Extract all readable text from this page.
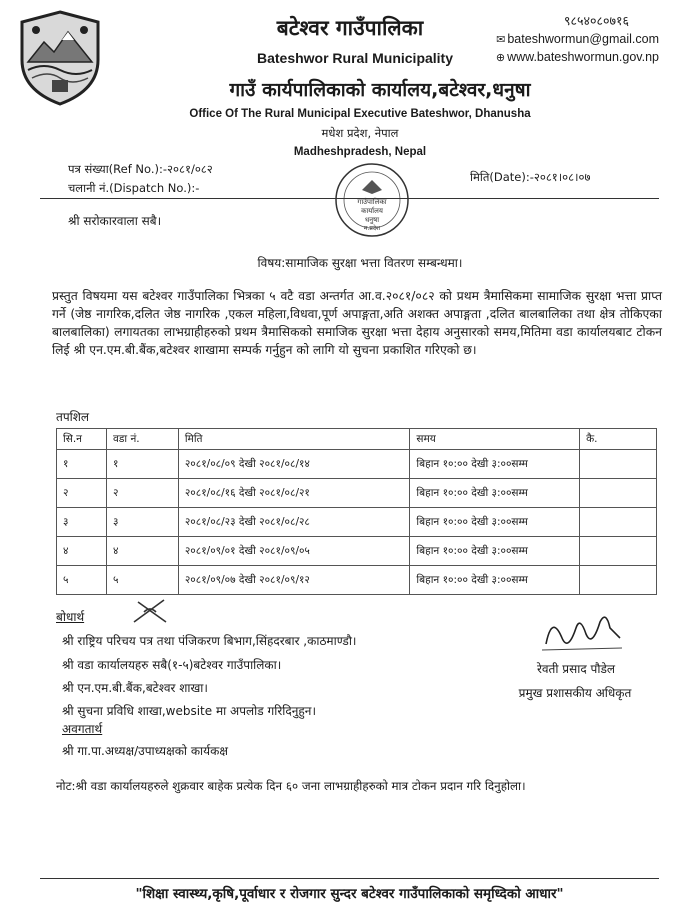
बटेश्वर गाउँपालिका
Bateshwor Rural Municipality
गाउँ कार्यपालिकाको कार्यालय,बटेश्वर,धनुषा
Office Of The Rural Municipal Executive Bateshwor, Dhanusha
मधेश प्रदेश, नेपाल
Madheshpradesh, Nepal
९८५४०८०७१६
✉ bateshwormun@gmail.com
⊕ www.bateshwormun.gov.np
पत्र संख्या(Ref No.):-२०८१/०८२
चलानी नं.(Dispatch No.):-
मिति(Date):-२०८१।०८।०७
गाउँपालिका
कार्यालय
धनुषा
म.प्रदेश
श्री सरोकारवाला सबै।
विषय:सामाजिक सुरक्षा भत्ता वितरण सम्बन्धमा।
प्रस्तुत विषयमा यस बटेश्वर गाउँपालिका भित्रका ५ वटै वडा अन्तर्गत आ.व.२०८१/०८२ को प्रथम त्रैमासिकमा सामाजिक सुरक्षा भत्ता प्राप्त गर्ने (जेष्ठ नागरिक,दलित जेष्ठ नागरिक ,एकल महिला,विधवा,पूर्ण अपाङ्गता,अति अशक्त अपाङ्गता ,दलित बालबालिका तथा क्षेत्र तोकिएका बालबालिका) लगायतका लाभग्राहीहरुको प्रथम त्रैमासिकको समाजिक सुरक्षा भत्ता देहाय अनुसारको समय,मितिमा वडा कार्यालयबाट टोकन लिई श्री एन.एम.बी.बैंक,बटेश्वर शाखामा सम्पर्क गर्नुहुन को लागि यो सुचना प्रकाशित गरिएको छ।
तपशिल
सि.न	वडा नं.	मिति	समय	कै.
१	१	२०८१/०८/०९ देखी २०८१/०८/१४	बिहान १०:०० देखी ३:००सम्म	
२	२	२०८१/०८/१६ देखी २०८१/०८/२१	बिहान १०:०० देखी ३:००सम्म	
३	३	२०८१/०८/२३ देखी २०८१/०८/२८	बिहान १०:०० देखी ३:००सम्म	
४	४	२०८१/०९/०१ देखी २०८१/०९/०५	बिहान १०:०० देखी ३:००सम्म	
५	५	२०८१/०९/०७ देखी २०८१/०९/१२	बिहान १०:०० देखी ३:००सम्म	
बोधार्थ
श्री राष्ट्रिय परिचय पत्र तथा पंजिकरण बिभाग,सिंहदरबार ,काठमाण्डौ।
श्री वडा कार्यालयहरु सबै(१-५)बटेश्वर गाउँपालिका।
श्री एन.एम.बी.बैंक,बटेश्वर शाखा।
श्री सुचना प्रविधि शाखा,website मा अपलोड गरिदिनुहुन।
अवगतार्थ
श्री गा.पा.अध्यक्ष/उपाध्यक्षको कार्यकक्ष
रेवती प्रसाद पौडेल
प्रमुख प्रशासकीय अधिकृत
नोट:श्री वडा कार्यालयहरुले शुक्रवार बाहेक प्रत्येक दिन ६० जना लाभग्राहीहरुको मात्र टोकन प्रदान गरि दिनुहोला।
"शिक्षा स्वास्थ्य,कृषि,पूर्वाधार र रोजगार सुन्दर बटेश्वर गाउँपालिकाको समृध्दिको आधार"
